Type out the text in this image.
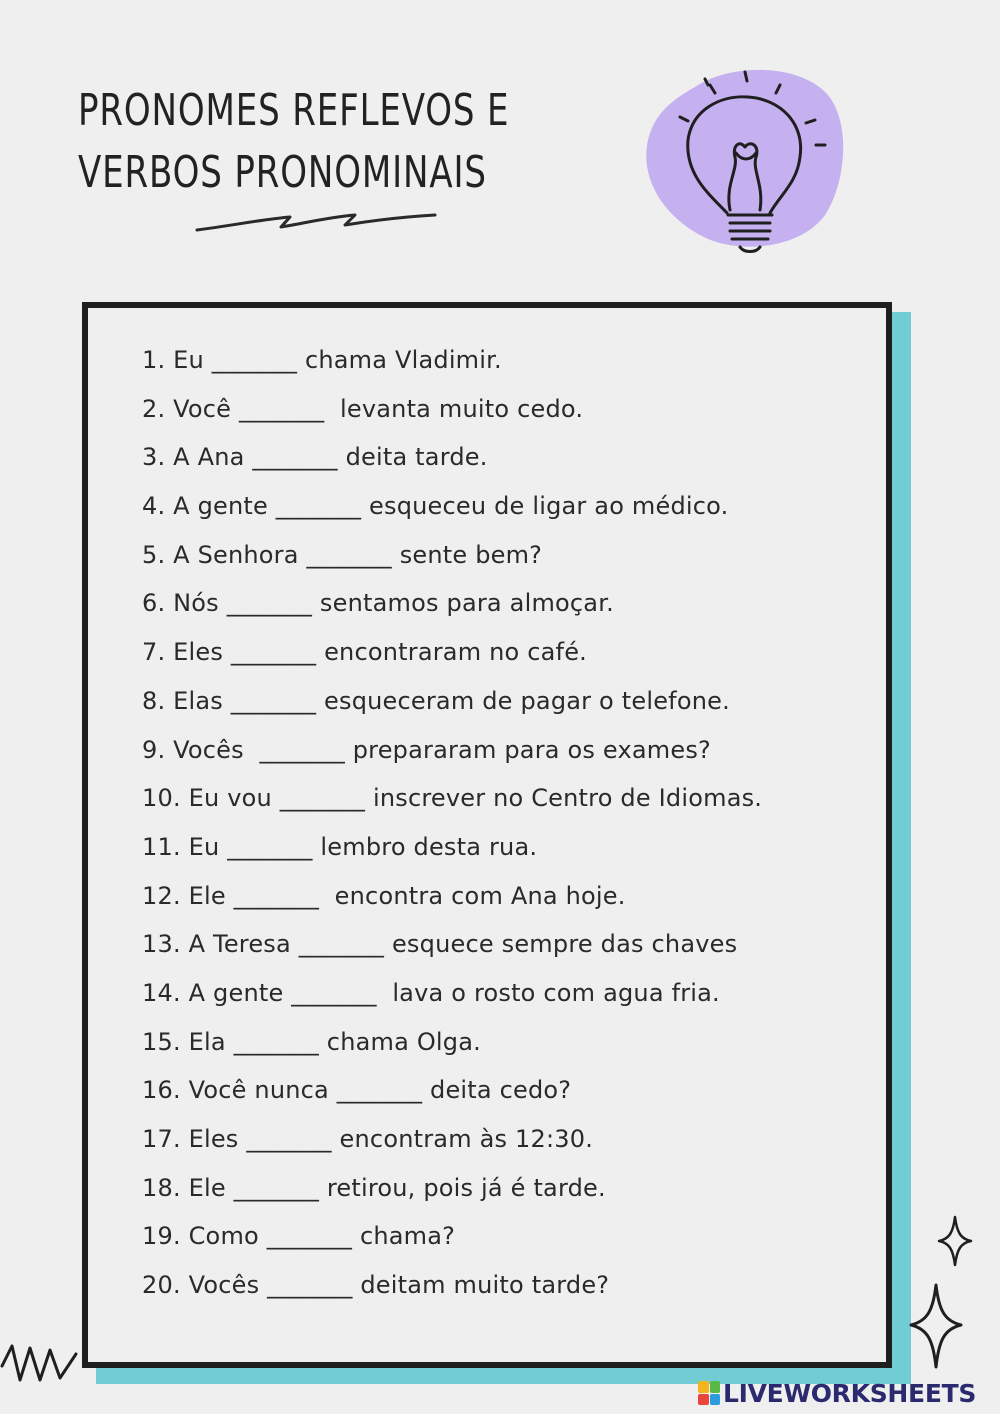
PRONOMES REFLEVOS E
VERBOS PRONOMINAIS
1. Eu _______ chama Vladimir.
2. Você _______  levanta muito cedo.
3. A Ana _______ deita tarde.
4. A gente _______ esqueceu de ligar ao médico.
5. A Senhora _______ sente bem?
6. Nós _______ sentamos para almoçar.
7. Eles _______ encontraram no café.
8. Elas _______ esqueceram de pagar o telefone.
9. Vocês  _______ prepararam para os exames?
10. Eu vou _______ inscrever no Centro de Idiomas.
11. Eu _______ lembro desta rua.
12. Ele _______  encontra com Ana hoje.
13. A Teresa _______ esquece sempre das chaves
14. A gente _______  lava o rosto com agua fria.
15. Ela _______ chama Olga.
16. Você nunca _______ deita cedo?
17. Eles _______ encontram às 12:30.
18. Ele _______ retirou, pois já é tarde.
19. Como _______ chama?
20. Vocês _______ deitam muito tarde?
LIVEWORKSHEETS
